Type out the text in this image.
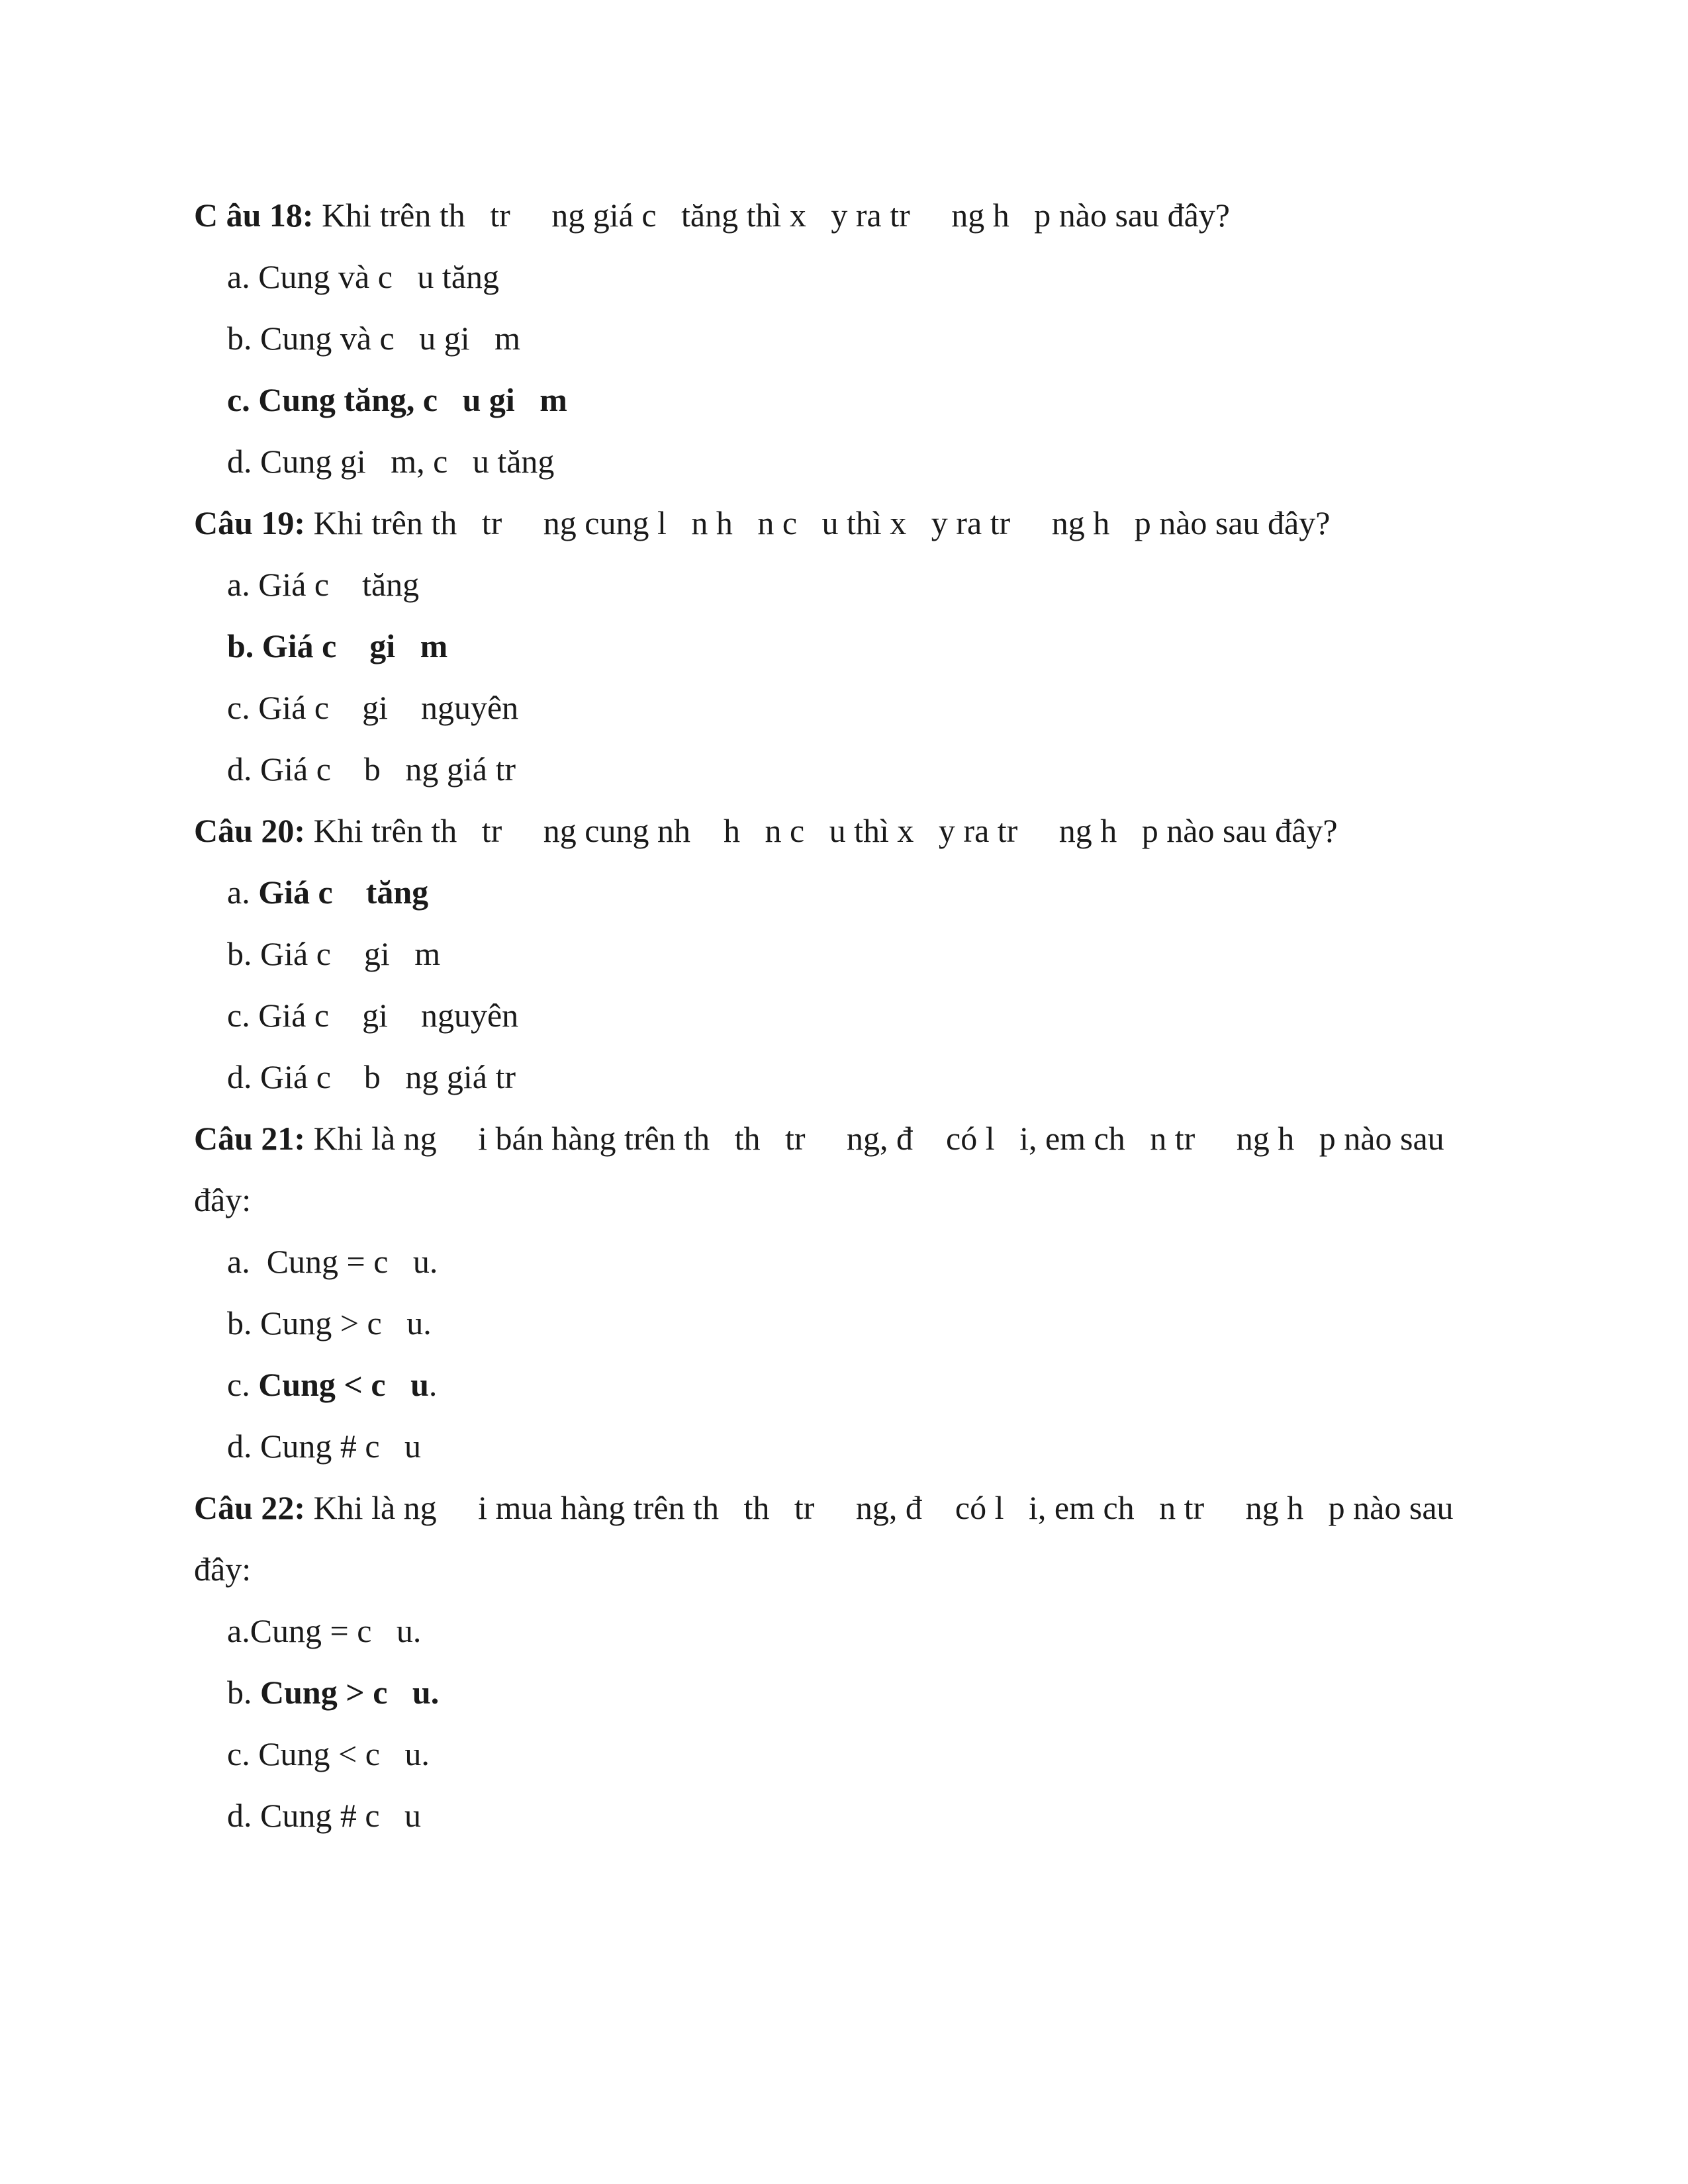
C âu 18: Khi trên th   tr     ng giá c   tăng thì x   y ra tr     ng h   p nào sau đây?
a. Cung và c   u tăng
b. Cung và c   u gi   m
c. Cung tăng, c   u gi   m
d. Cung gi   m, c   u tăng
Câu 19: Khi trên th   tr     ng cung l   n h   n c   u thì x   y ra tr     ng h   p nào sau đây?
a. Giá c    tăng
b. Giá c    gi   m
c. Giá c    gi    nguyên
d. Giá c    b   ng giá tr
Câu 20: Khi trên th   tr     ng cung nh    h   n c   u thì x   y ra tr     ng h   p nào sau đây?
a. Giá c    tăng
b. Giá c    gi   m
c. Giá c    gi    nguyên
d. Giá c    b   ng giá tr
Câu 21: Khi là ng     i bán hàng trên th   th   tr     ng, đ    có l   i, em ch   n tr     ng h   p nào sau
đây:
a.  Cung = c   u.
b. Cung > c   u.
c. Cung < c   u.
d. Cung # c   u
Câu 22: Khi là ng     i mua hàng trên th   th   tr     ng, đ    có l   i, em ch   n tr     ng h   p nào sau
đây:
a.Cung = c   u.
b. Cung > c   u.
c. Cung < c   u.
d. Cung # c   u
